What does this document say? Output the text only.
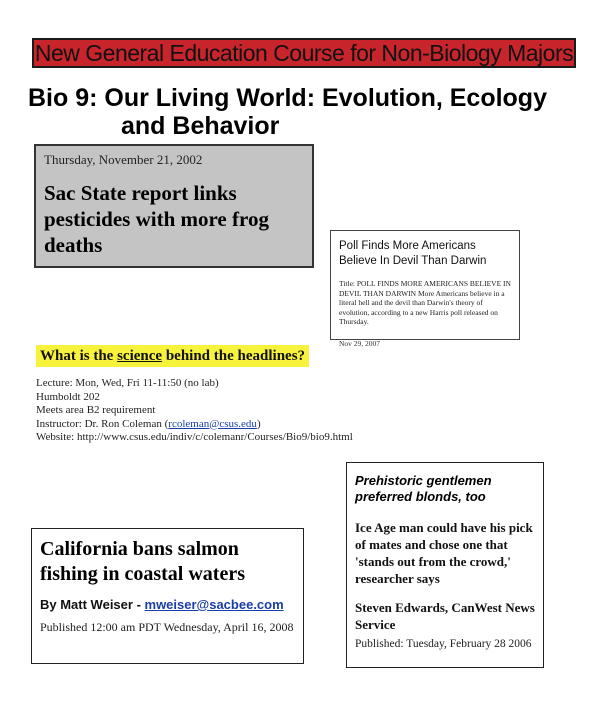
New General Education Course for Non-Biology Majors
Bio 9: Our Living World: Evolution, Ecology
and Behavior
Thursday, November 21, 2002
Sac State report links pesticides with more frog deaths	Poll Finds More Americans Believe In Devil Than Darwin
Title: POLL FINDS MORE AMERICANS BELIEVE IN DEVIL THAN DARWIN More Americans believe in a literal hell and the devil than Darwin's theory of evolution, according to a new Harris poll released on Thursday.
Nov 29, 2007
What is the science behind the headlines?
Lecture: Mon, Wed, Fri 11-11:50 (no lab)
Humboldt 202
Meets area B2 requirement
Instructor: Dr. Ron Coleman (rcoleman@csus.edu)
Website: http://www.csus.edu/indiv/c/colemanr/Courses/Bio9/bio9.html
California bans salmon fishing in coastal waters
By Matt Weiser - mweiser@sacbee.com
Published 12:00 am PDT Wednesday, April 16, 2008
Prehistoric gentlemen preferred blonds, too
Ice Age man could have his pick of mates and chose one that 'stands out from the crowd,' researcher says
Steven Edwards, CanWest News Service
Published: Tuesday, February 28 2006
